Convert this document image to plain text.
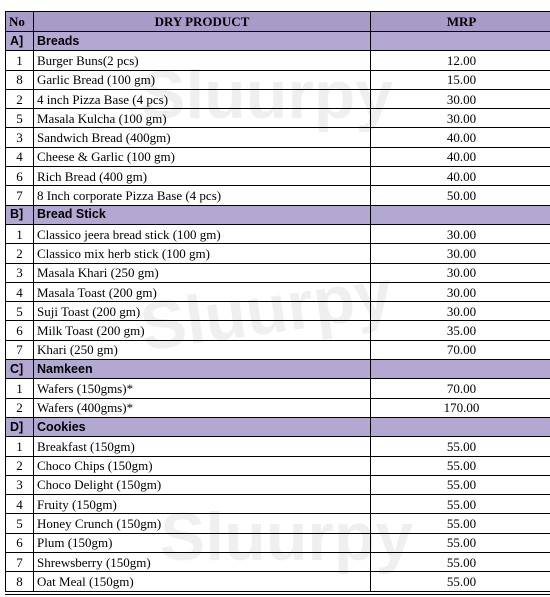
No	DRY PRODUCT	MRP
A]	Breads	
1	Burger Buns(2 pcs)	12.00
8	Garlic Bread (100 gm)	15.00
2	4 inch Pizza Base (4 pcs)	30.00
5	Masala Kulcha (100 gm)	30.00
3	Sandwich Bread (400gm)	40.00
4	Cheese & Garlic (100 gm)	40.00
6	Rich Bread (400 gm)	40.00
7	8 Inch corporate Pizza Base (4 pcs)	50.00
B]	Bread Stick	
1	Classico jeera bread stick (100 gm)	30.00
2	Classico mix herb stick (100 gm)	30.00
3	Masala Khari (250 gm)	30.00
4	Masala Toast (200 gm)	30.00
5	Suji Toast (200 gm)	30.00
6	Milk Toast (200 gm)	35.00
7	Khari (250 gm)	70.00
C]	Namkeen	
1	Wafers (150gms)*	70.00
2	Wafers (400gms)*	170.00
D]	Cookies	
1	Breakfast (150gm)	55.00
2	Choco Chips (150gm)	55.00
3	Choco Delight (150gm)	55.00
4	Fruity (150gm)	55.00
5	Honey Crunch (150gm)	55.00
6	Plum (150gm)	55.00
7	Shrewsberry (150gm)	55.00
8	Oat Meal (150gm)	55.00
Sluurpy
Sluurpy
Sluurpy
